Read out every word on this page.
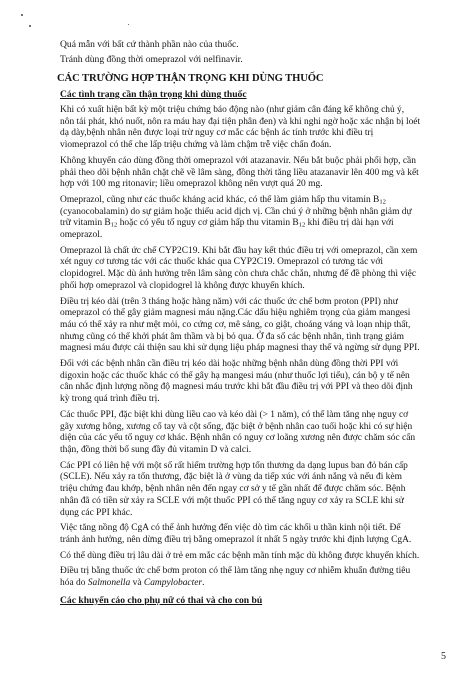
Quá mẫn với bất cứ thành phần nào của thuốc.

Tránh dùng đồng thời omeprazol với nelfinavir.

CÁC TRƯỜNG HỢP THẬN TRỌNG KHI DÙNG THUỐC
Các tình trạng cần thận trọng khi dùng thuốc
Khi có xuất hiện bất kỳ một triệu chứng báo động nào (như giảm cân đáng kể không chủ ý,
nôn tái phát, khó nuốt, nôn ra máu hay đại tiện phân đen) và khi nghi ngờ hoặc xác nhận bị loét
dạ dày,bệnh nhân nên được loại trừ nguy cơ mắc các bệnh ác tính trước khi điều trị
vìomeprazol có thể che lấp triệu chứng và làm chậm trễ việc chẩn đoán.
Không khuyến cáo dùng đồng thời omeprazol với atazanavir. Nếu bắt buộc phải phối hợp, cần
phải theo dõi bệnh nhân chặt chẽ về lâm sàng, đồng thời tăng liều atazanavir lên 400 mg và kết
hợp với 100 mg ritonavir; liều omeprazol không nên vượt quá 20 mg.
Omeprazol, cũng như các thuốc kháng acid khác, có thể làm giảm hấp thu vitamin $B_{12}$
(cyanocobalamin) do sự giảm hoặc thiếu acid dịch vị. Cần chú ý ở những bệnh nhân giảm dự
trữ vitamin $B_{12}$ hoặc có yếu tố nguy cơ giảm hấp thu vitamin $B_{12}$ khi điều trị dài hạn với
omeprazol.
Omeprazol là chất ức chế CYP2C19. Khi bắt đầu hay kết thúc điều trị với omeprazol, cần xem
xét nguy cơ tương tác với các thuốc khác qua CYP2C19. Omeprazol có tương tác với
clopidogrel. Mặc dù ảnh hưởng trên lâm sàng còn chưa chắc chắn, nhưng để đề phòng thì việc
phối hợp omeprazol và clopidogrel là không được khuyến khích.
Điều trị kéo dài (trên 3 tháng hoặc hàng năm) với các thuốc ức chế bơm proton (PPI) như
omeprazol có thể gây giảm magnesi máu nặng.Các dấu hiệu nghiêm trọng của giảm mangesi
máu có thể xảy ra như mệt mỏi, co cứng cơ, mê sảng, co giật, choáng váng và loạn nhịp thất,
nhưng cũng có thể khởi phát âm thầm và bị bỏ qua. Ở đa số các bệnh nhân, tình trạng giảm
magnesi máu được cải thiện sau khi sử dụng liệu pháp magnesi thay thế và ngừng sử dụng PPI.
Đối với các bệnh nhân cần điều trị kéo dài hoặc những bệnh nhân dùng đồng thời PPI với
digoxin hoặc các thuốc khác có thể gây hạ mangesi máu (như thuốc lợi tiểu), cán bộ y tế nên
cân nhắc định lượng nồng độ magnesi máu trước khi bắt đầu điều trị với PPI và theo dõi định
kỳ trong quá trình điều trị.
Các thuốc PPI, đặc biệt khi dùng liều cao và kéo dài (> 1 năm), có thể làm tăng nhẹ nguy cơ
gãy xương hông, xương cổ tay và cột sống, đặc biệt ở bệnh nhân cao tuổi hoặc khi có sự hiện
diện của các yếu tố nguy cơ khác. Bệnh nhân có nguy cơ loãng xương nên được chăm sóc cẩn
thận, đồng thời bổ sung đầy đủ vitamin D và calci.
Các PPI có liên hệ với một số rất hiếm trường hợp tổn thương da dạng lupus ban đỏ bán cấp
(SCLE). Nếu xảy ra tổn thương, đặc biệt là ở vùng da tiếp xúc với ánh nắng và nếu đi kèm
triệu chứng đau khớp, bệnh nhân nên đến ngay cơ sở y tế gần nhất để được chăm sóc. Bệnh
nhân đã có tiền sử xảy ra SCLE với một thuốc PPI có thể tăng nguy cơ xảy ra SCLE khi sử
dụng các PPI khác.
Việc tăng nồng độ CgA có thể ảnh hưởng đến việc dò tìm các khối u thần kinh nội tiết. Để
tránh ảnh hưởng, nên dừng điều trị bằng omeprazol ít nhất 5 ngày trước khi định lượng CgA.
Có thể dùng điều trị lâu dài ở trẻ em mắc các bệnh mãn tính mặc dù không được khuyến khích.
Điều trị bằng thuốc ức chế bơm proton có thể làm tăng nhẹ nguy cơ nhiễm khuẩn đường tiêu
hóa do Salmonella và Campylobacter.
Các khuyến cáo cho phụ nữ có thai và cho con bú
5
